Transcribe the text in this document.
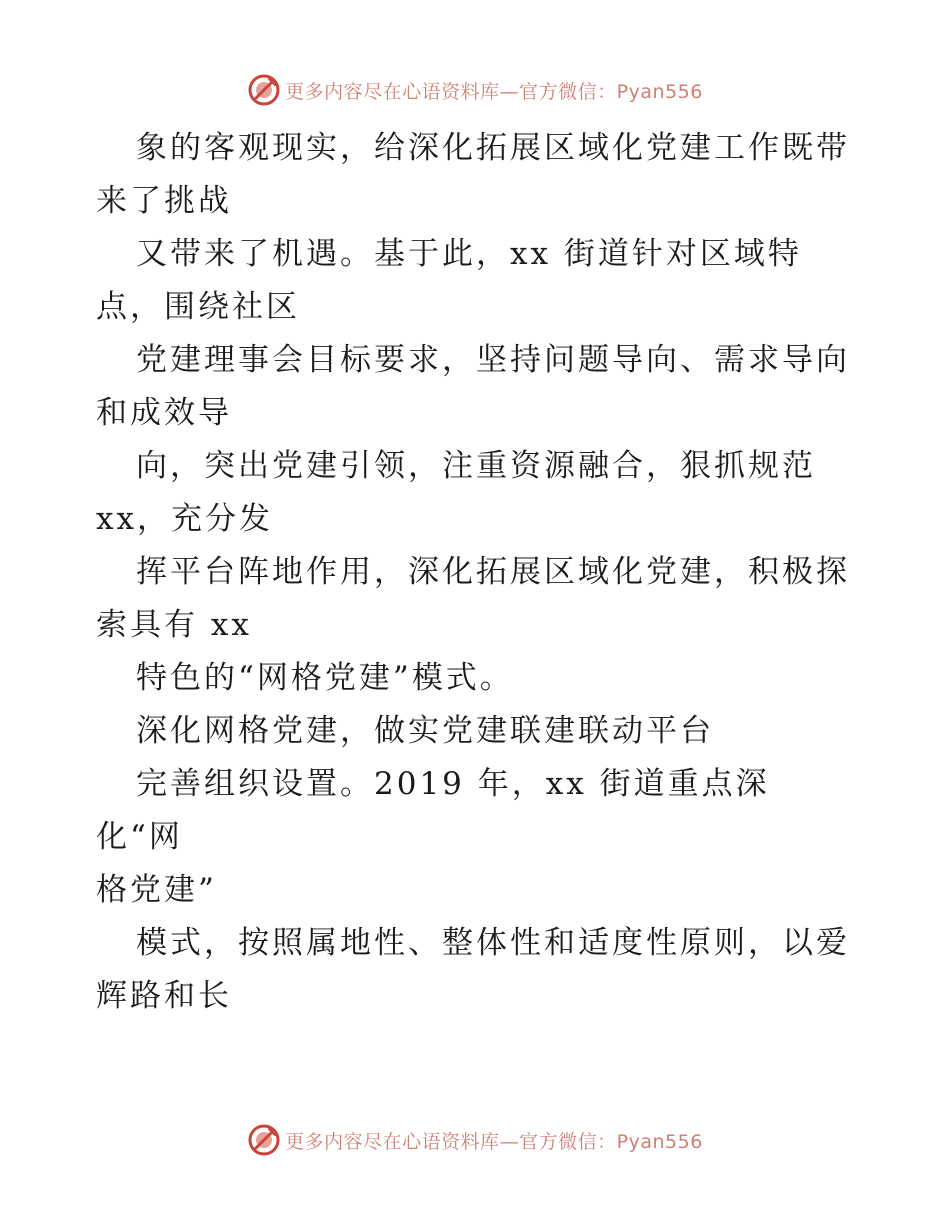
更多内容尽在心语资料库—官方微信：Pyan556

象的客观现实，给深化拓展区域化党建工作既带
来了挑战

又带来了机遇。基于此，xx 街道针对区域特
点，围绕社区

党建理事会目标要求，坚持问题导向、需求导向
和成效导

向，突出党建引领，注重资源融合，狠抓规范
xx，充分发

挥平台阵地作用，深化拓展区域化党建，积极探
索具有 xx

特色的“网格党建”模式。

深化网格党建，做实党建联建联动平台

完善组织设置。2019 年，xx 街道重点深化“网
格党建”

模式，按照属地性、整体性和适度性原则，以爱
辉路和长

更多内容尽在心语资料库—官方微信：Pyan556
